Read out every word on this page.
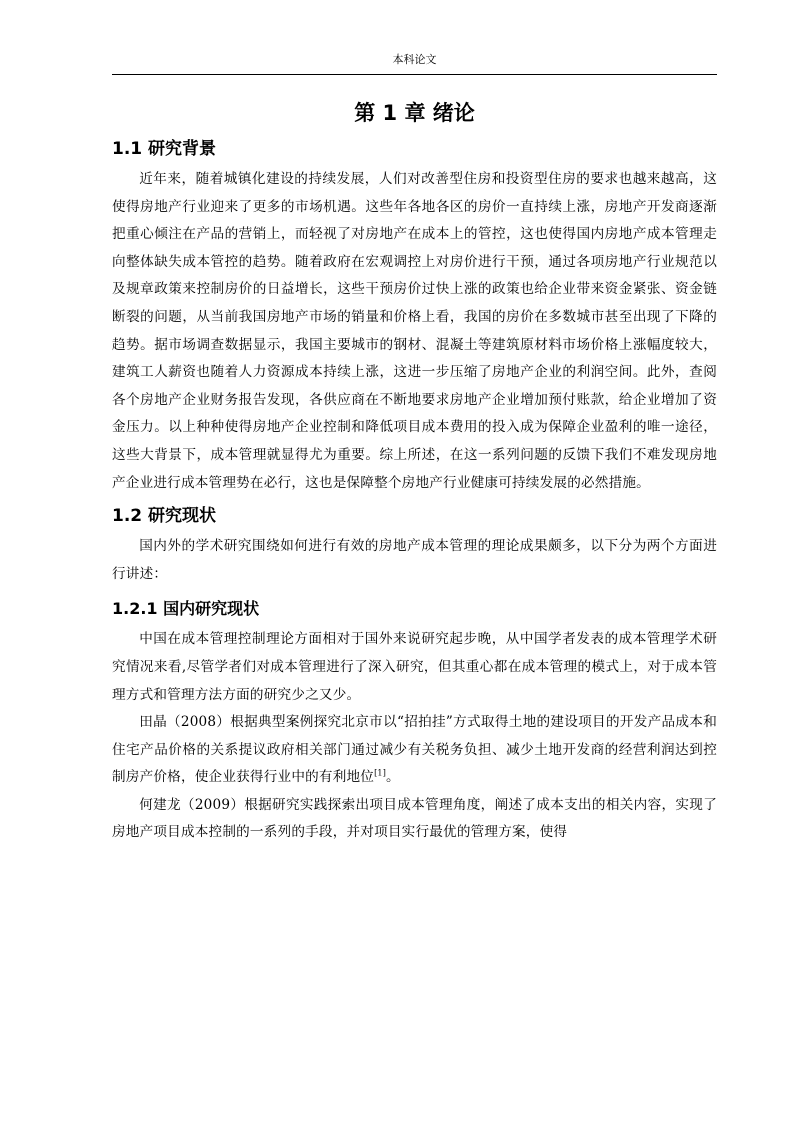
本科论文
第 1 章 绪论
1.1 研究背景

近年来，随着城镇化建设的持续发展，人们对改善型住房和投资型住房的要求也越来越高，这使得房地产行业迎来了更多的市场机遇。这些年各地各区的房价一直持续上涨，房地产开发商逐渐把重心倾注在产品的营销上，而轻视了对房地产在成本上的管控，这也使得国内房地产成本管理走向整体缺失成本管控的趋势。随着政府在宏观调控上对房价进行干预，通过各项房地产行业规范以及规章政策来控制房价的日益增长，这些干预房价过快上涨的政策也给企业带来资金紧张、资金链断裂的问题，从当前我国房地产市场的销量和价格上看，我国的房价在多数城市甚至出现了下降的趋势。据市场调查数据显示，我国主要城市的钢材、混凝土等建筑原材料市场价格上涨幅度较大，建筑工人薪资也随着人力资源成本持续上涨，这进一步压缩了房地产企业的利润空间。此外，查阅各个房地产企业财务报告发现，各供应商在不断地要求房地产企业增加预付账款，给企业增加了资金压力。以上种种使得房地产企业控制和降低项目成本费用的投入成为保障企业盈利的唯一途径，这些大背景下，成本管理就显得尤为重要。综上所述，在这一系列问题的反馈下我们不难发现房地产企业进行成本管理势在必行，这也是保障整个房地产行业健康可持续发展的必然措施。

1.2 研究现状

国内外的学术研究围绕如何进行有效的房地产成本管理的理论成果颇多，以下分为两个方面进行讲述：

1.2.1 国内研究现状

中国在成本管理控制理论方面相对于国外来说研究起步晚，从中国学者发表的成本管理学术研究情况来看,尽管学者们对成本管理进行了深入研究，但其重心都在成本管理的模式上，对于成本管理方式和管理方法方面的研究少之又少。

田晶（2008）根据典型案例探究北京市以“招拍挂”方式取得土地的建设项目的开发产品成本和住宅产品价格的关系提议政府相关部门通过减少有关税务负担、减少土地开发商的经营利润达到控制房产价格，使企业获得行业中的有利地位[1]。

何建龙（2009）根据研究实践探索出项目成本管理角度，阐述了成本支出的相关内容，实现了房地产项目成本控制的一系列的手段，并对项目实行最优的管理方案，使得
